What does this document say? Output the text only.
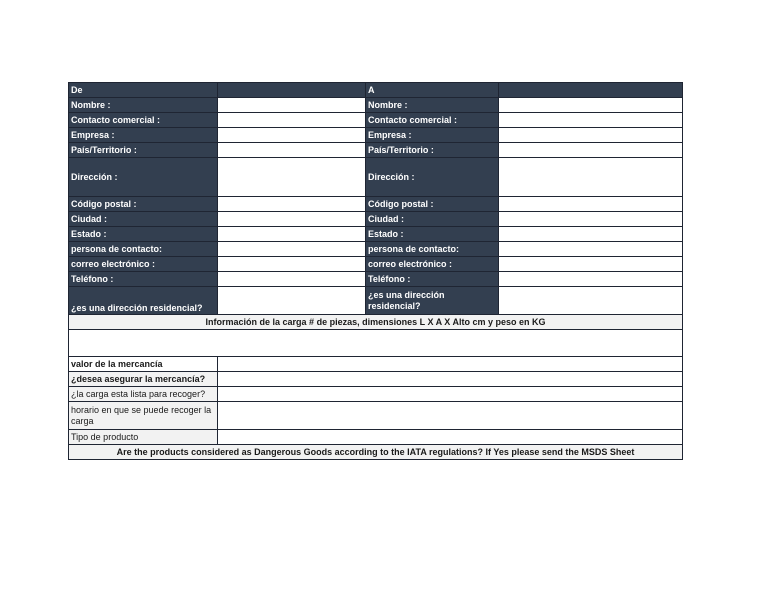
De		A	
Nombre :		Nombre :	
Contacto comercial :		Contacto comercial :	
Empresa :		Empresa :	
País/Territorio :		País/Territorio :	
Dirección :		Dirección :	
Código postal :		Código postal :	
Ciudad :		Ciudad :	
Estado :		Estado :	
persona de contacto:		persona de contacto:	
correo electrónico :		correo electrónico :	
Teléfono :		Teléfono :	
¿es una dirección residencial?		¿es una dirección residencial?	
Información de la carga # de piezas, dimensiones L X A X Alto cm y peso en KG			

valor de la mercancía			
¿desea asegurar la mercancía?			
¿la carga esta lista para recoger?			
horario en que se puede recoger la carga			
Tipo de producto			
Are the products considered as Dangerous Goods according to the IATA regulations? If Yes please send the MSDS Sheet			
